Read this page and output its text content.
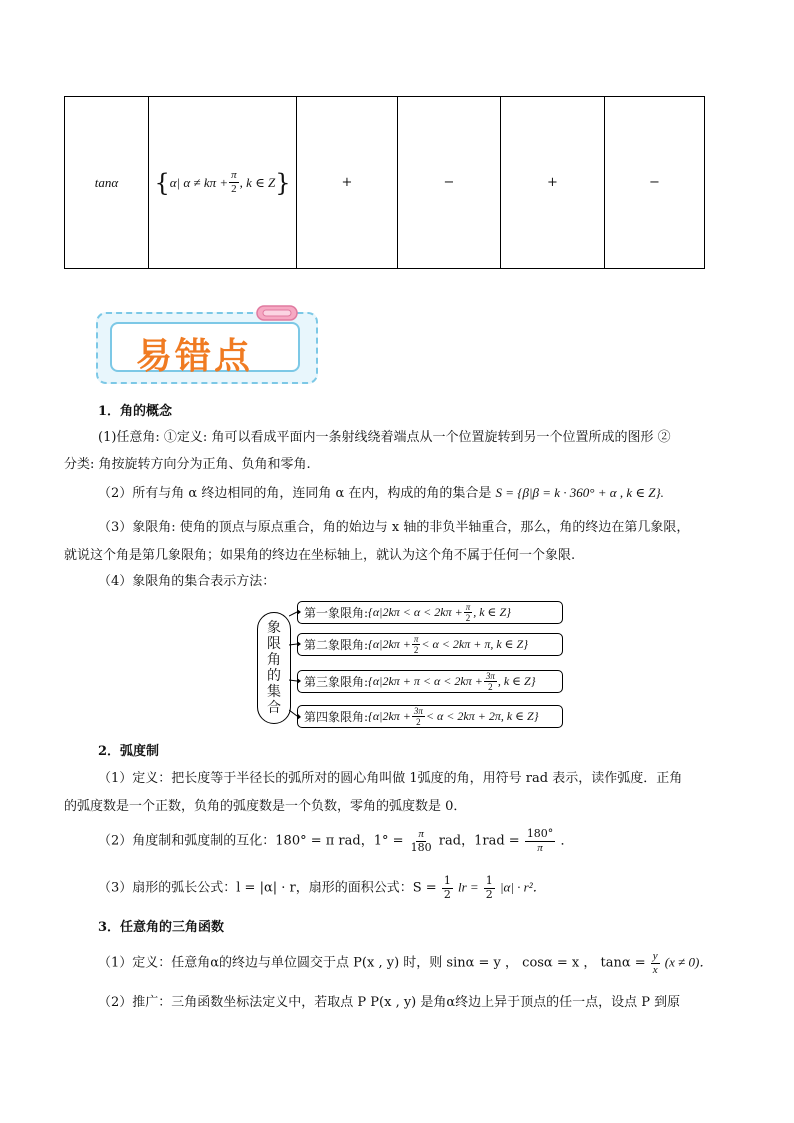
tanα	{ α| $\alpha \ne k\pi + \frac{\pi}{2}$ , k ∈ Z }	+	−	+	−
易错点
1．角的概念
(1)任意角: ①定义: 角可以看成平面内一条射线绕着端点从一个位置旋转到另一个位置所成的图形 ②
分类: 角按旋转方向分为正角、负角和零角.
（2）所有与角 α 终边相同的角，连同角 α 在内，构成的角的集合是 S = {β|β = k · 360° + α , k ∈ Z}.
（3）象限角: 使角的顶点与原点重合，角的始边与 x 轴的非负半轴重合，那么，角的终边在第几象限，
就说这个角是第几象限角；如果角的终边在坐标轴上，就认为这个角不属于任何一个象限.
（4）象限角的集合表示方法：
象
限
角
的
集
合
第一象限角: {$\alpha|2k\pi < \alpha < 2k\pi + \frac{\pi}{2}$ , k ∈ Z}
第二象限角: {$\alpha|2k\pi + \frac{\pi}{2} < \alpha < 2k\pi + \pi$, k ∈ Z}
第三象限角: {$\alpha|2k\pi + \pi < \alpha < 2k\pi + \frac{3\pi}{2}$ , k ∈ Z}
第四象限角: {$\alpha|2k\pi + \frac{3\pi}{2} < \alpha < 2k\pi + 2\pi$, k ∈ Z}
2．弧度制
（1）定义：把长度等于半径长的弧所对的圆心角叫做 1弧度的角，用符号 rad 表示，读作弧度．正角
的弧度数是一个正数，负角的弧度数是一个负数，零角的弧度数是 0．
（2）角度制和弧度制的互化：180° = π rad，$1^\circ = \frac{\pi}{180}$ rad，$1rad = \frac{180^\circ}{\pi}$ ．
（3）扇形的弧长公式：l = |α| · r，扇形的面积公式：$S = \frac{1}{2}$ lr = $\frac{1}{2} |\alpha| \cdot r^2$．
3．任意角的三角函数
（1）定义：任意角α的终边与单位圆交于点 P(x , y) 时，则 sinα = y ， cosα = x ， $\tan\alpha = \frac{y}{x} (x \ne 0)$．
（2）推广：三角函数坐标法定义中，若取点 P P(x , y) 是角α终边上异于顶点的任一点，设点 P 到原
